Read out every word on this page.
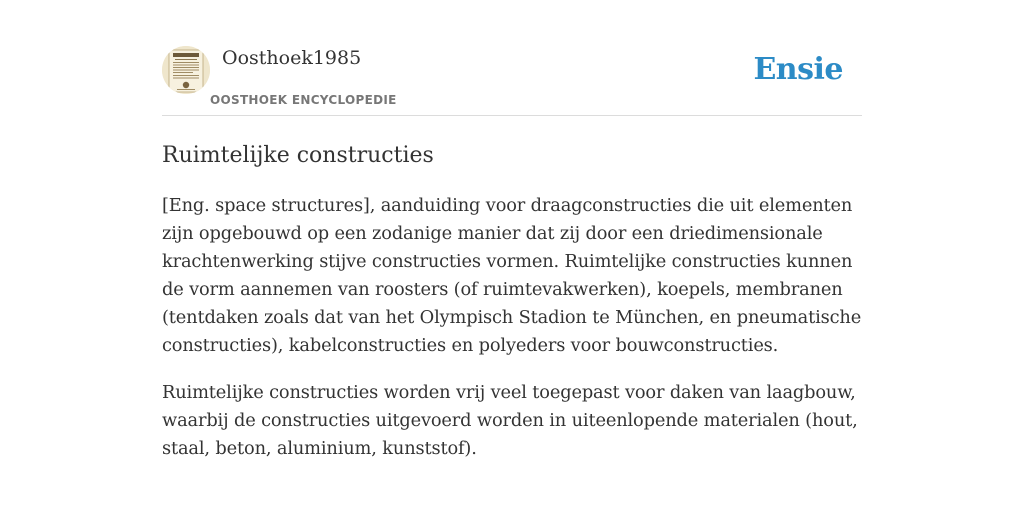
Oosthoek1985
OOSTHOEK ENCYCLOPEDIE
Ensie
Ruimtelijke constructies

[Eng. space structures], aanduiding voor draagconstructies die uit elementen zijn opgebouwd op een zodanige manier dat zij door een driedimensionale krachtenwerking stijve constructies vormen. Ruimtelijke constructies kunnen de vorm aannemen van roosters (of ruimtevakwerken), koepels, membranen (tentdaken zoals dat van het Olympisch Stadion te München, en pneumatische constructies), kabelconstructies en polyeders voor bouwconstructies.

Ruimtelijke constructies worden vrij veel toegepast voor daken van laagbouw, waarbij de constructies uitgevoerd worden in uiteenlopende materialen (hout, staal, beton, aluminium, kunststof).
